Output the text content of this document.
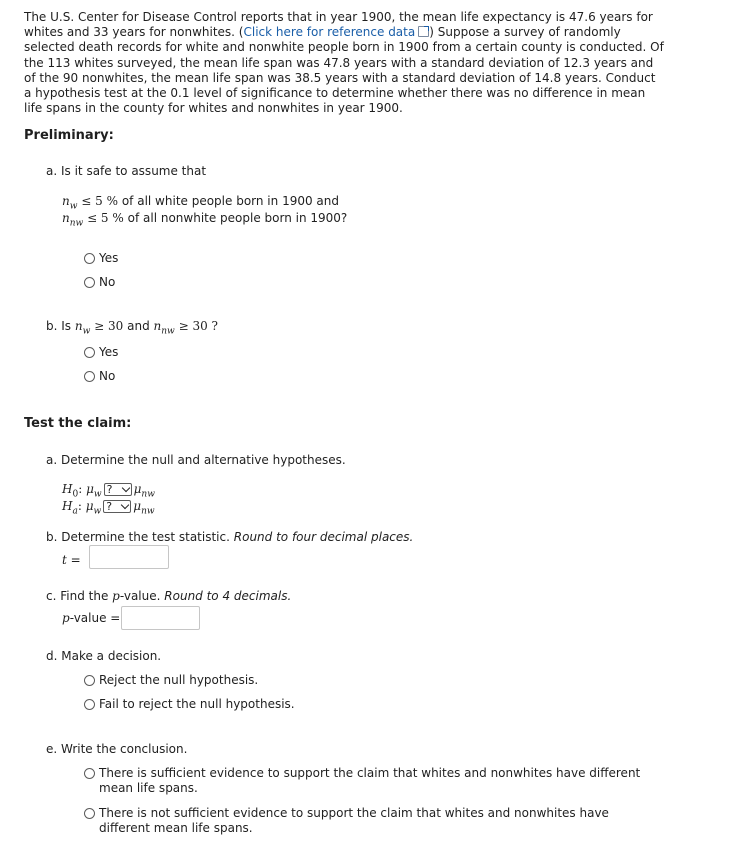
The U.S. Center for Disease Control reports that in year 1900, the mean life expectancy is 47.6 years for whites and 33 years for nonwhites. (Click here for reference data ) Suppose a survey of randomly selected death records for white and nonwhite people born in 1900 from a certain county is conducted. Of the 113 whites surveyed, the mean life span was 47.8 years with a standard deviation of 12.3 years and of the 90 nonwhites, the mean life span was 38.5 years with a standard deviation of 14.8 years. Conduct a hypothesis test at the 0.1 level of significance to determine whether there was no difference in mean life spans in the county for whites and nonwhites in year 1900.
Preliminary:
a. Is it safe to assume that
$n_w \le 5$ % of all white people born in 1900 and
$n_{nw} \le 5$ % of all nonwhite people born in 1900?
Yes
No
b. Is $n_w \ge 30$ and $n_{nw} \ge 30$ ?
Yes
No
Test the claim:
a. Determine the null and alternative hypotheses.
$H_0$: $\mu_w$ ? $\mu_{nw}$
$H_a$: $\mu_w$ ? $\mu_{nw}$
b. Determine the test statistic. Round to four decimal places.
t =
c. Find the p-value. Round to 4 decimals.
p-value =
d. Make a decision.
Reject the null hypothesis.
Fail to reject the null hypothesis.
e. Write the conclusion.
There is sufficient evidence to support the claim that whites and nonwhites have different mean life spans.
There is not sufficient evidence to support the claim that whites and nonwhites have different mean life spans.
